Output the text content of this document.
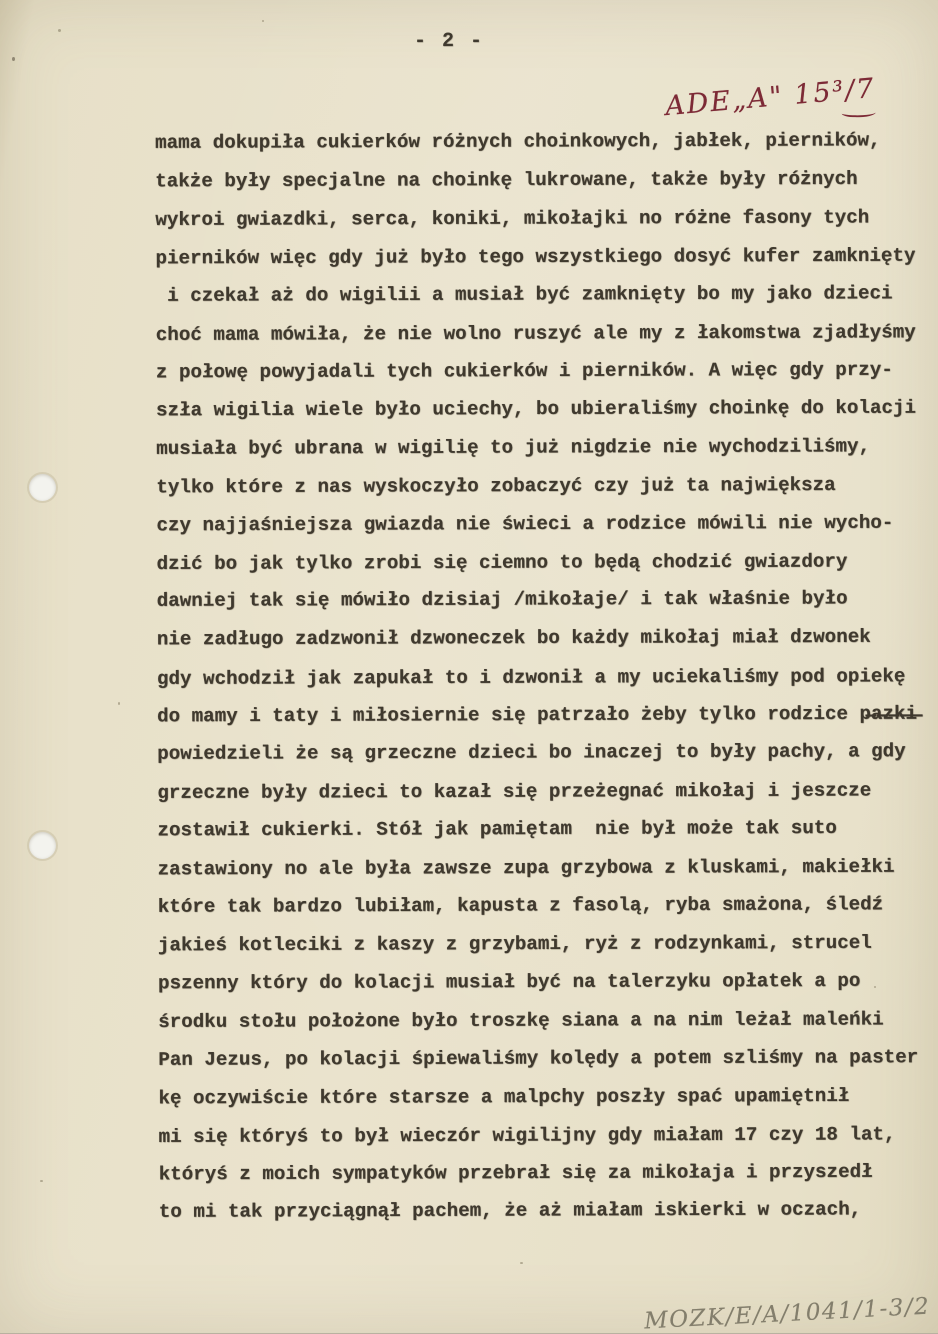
- 2 -
ADE„A" 15³/7
mama dokupiła cukierków różnych choinkowych, jabłek, pierników,
także były specjalne na choinkę lukrowane, także były różnych
wykroi gwiazdki, serca, koniki, mikołajki no różne fasony tych
pierników więc gdy już było tego wszystkiego dosyć kufer zamknięty
i czekał aż do wigilii a musiał być zamknięty bo my jako dzieci
choć mama mówiła, że nie wolno ruszyć ale my z łakomstwa zjadłyśmy
z połowę powyjadali tych cukierków i pierników. A więc gdy przy-
szła wigilia wiele było uciechy, bo ubieraliśmy choinkę do kolacji
musiała być ubrana w wigilię to już nigdzie nie wychodziliśmy,
tylko które z nas wyskoczyło zobaczyć czy już ta największa
czy najjaśniejsza gwiazda nie świeci a rodzice mówili nie wycho-
dzić bo jak tylko zrobi się ciemno to będą chodzić gwiazdory
dawniej tak się mówiło dzisiaj /mikołaje/ i tak właśnie było
nie zadługo zadzwonił dzwoneczek bo każdy mikołaj miał dzwonek
gdy wchodził jak zapukał to i dzwonił a my uciekaliśmy pod opiekę
do mamy i taty i miłosiernie się patrzało żeby tylko rodzice p̶a̶z̶k̶i̶
powiedzieli że są grzeczne dzieci bo inaczej to były pachy, a gdy
grzeczne były dzieci to kazał się przeżegnać mikołaj i jeszcze
zostawił cukierki. Stół jak pamiętam  nie był może tak suto
zastawiony no ale była zawsze zupa grzybowa z kluskami, makiełki
które tak bardzo lubiłam, kapusta z fasolą, ryba smażona, śledź
jakieś kotleciki z kaszy z grzybami, ryż z rodzynkami, strucel
pszenny który do kolacji musiał być na talerzyku opłatek a po
środku stołu położone było troszkę siana a na nim leżał maleńki
Pan Jezus, po kolacji śpiewaliśmy kolędy a potem szliśmy na paster
kę oczywiście które starsze a malpchy poszły spać upamiętnił
mi się któryś to był wieczór wigilijny gdy miałam 17 czy 18 lat,
któryś z moich sympatyków przebrał się za mikołaja i przyszedł
to mi tak przyciągnął pachem, że aż miałam iskierki w oczach,
MOZK/E/A/1041/1-3/2
